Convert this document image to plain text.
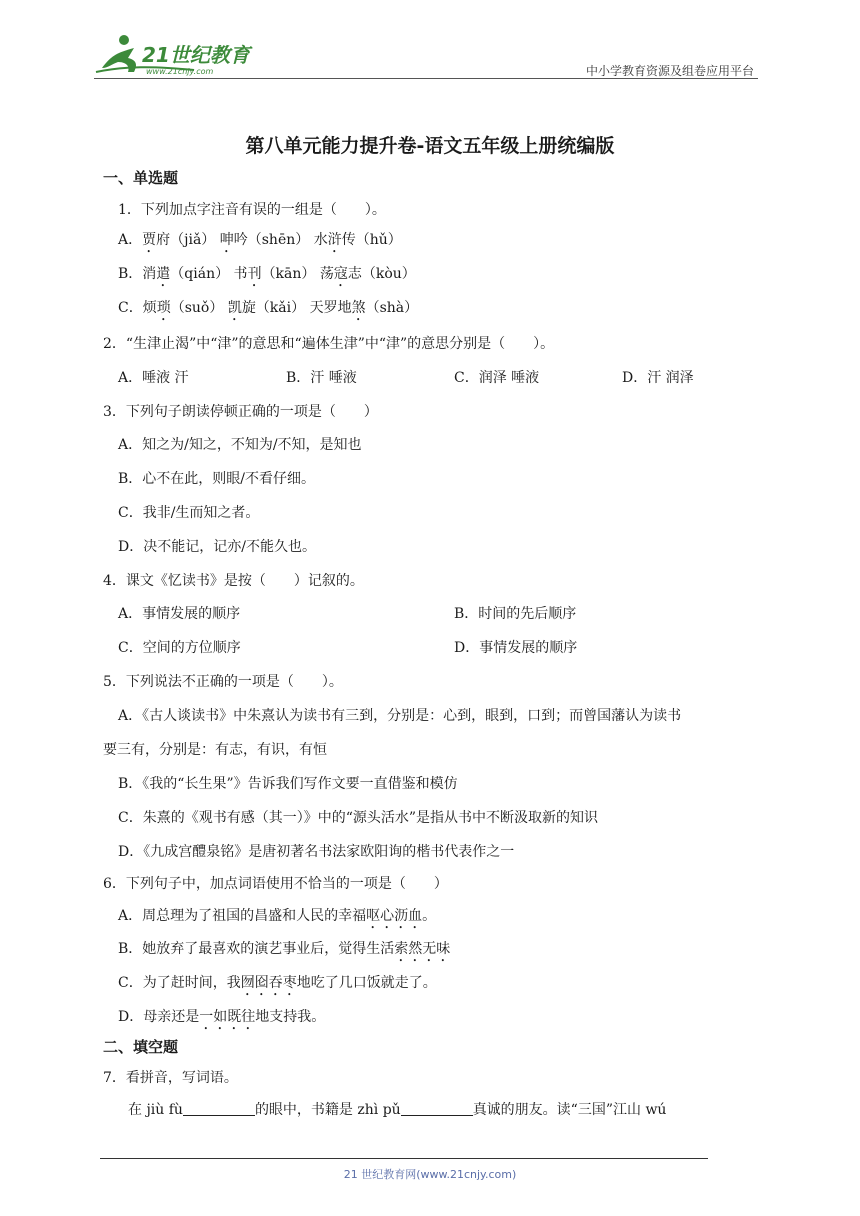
21世纪教育
www.21cnjy.com	中小学教育资源及组卷应用平台
第八单元能力提升卷-语文五年级上册统编版
一、单选题
1．下列加点字注音有误的一组是（　　）。
A．贾府（jiǎ） 呻吟（shēn） 水浒传（hǔ）
B．消遣（qián） 书刊（kān） 荡寇志（kòu）
C．烦琐（suǒ） 凯旋（kǎi） 天罗地煞（shà）
2．“生津止渴”中“津”的意思和“遍体生津”中“津”的意思分别是（　　）。
A．唾液 汗	B．汗 唾液	C．润泽 唾液	D．汗 润泽
3．下列句子朗读停顿正确的一项是（　　）
A．知之为/知之，不知为/不知，是知也
B．心不在此，则眼/不看仔细。
C．我非/生而知之者。
D．决不能记，记亦/不能久也。
4．课文《忆读书》是按（　　）记叙的。
A．事情发展的顺序	B．时间的先后顺序
C．空间的方位顺序	D．事情发展的顺序
5．下列说法不正确的一项是（　　）。
A．《古人谈读书》中朱熹认为读书有三到，分别是：心到，眼到，口到；而曾国藩认为读书
要三有，分别是：有志，有识，有恒
B．《我的“长生果”》告诉我们写作文要一直借鉴和模仿
C．朱熹的《观书有感（其一）》中的“源头活水”是指从书中不断汲取新的知识
D．《九成宫醴泉铭》是唐初著名书法家欧阳询的楷书代表作之一
6．下列句子中，加点词语使用不恰当的一项是（　　）
A．周总理为了祖国的昌盛和人民的幸福呕心沥血。
B．她放弃了最喜欢的演艺事业后，觉得生活索然无味
C．为了赶时间，我囫囵吞枣地吃了几口饭就走了。
D．母亲还是一如既往地支持我。
二、填空题
7．看拼音，写词语。
在 jiù fù	的眼中，书籍是 zhì pǔ	真诚的朋友。读“三国”江山 wú
21 世纪教育网(www.21cnjy.com)
